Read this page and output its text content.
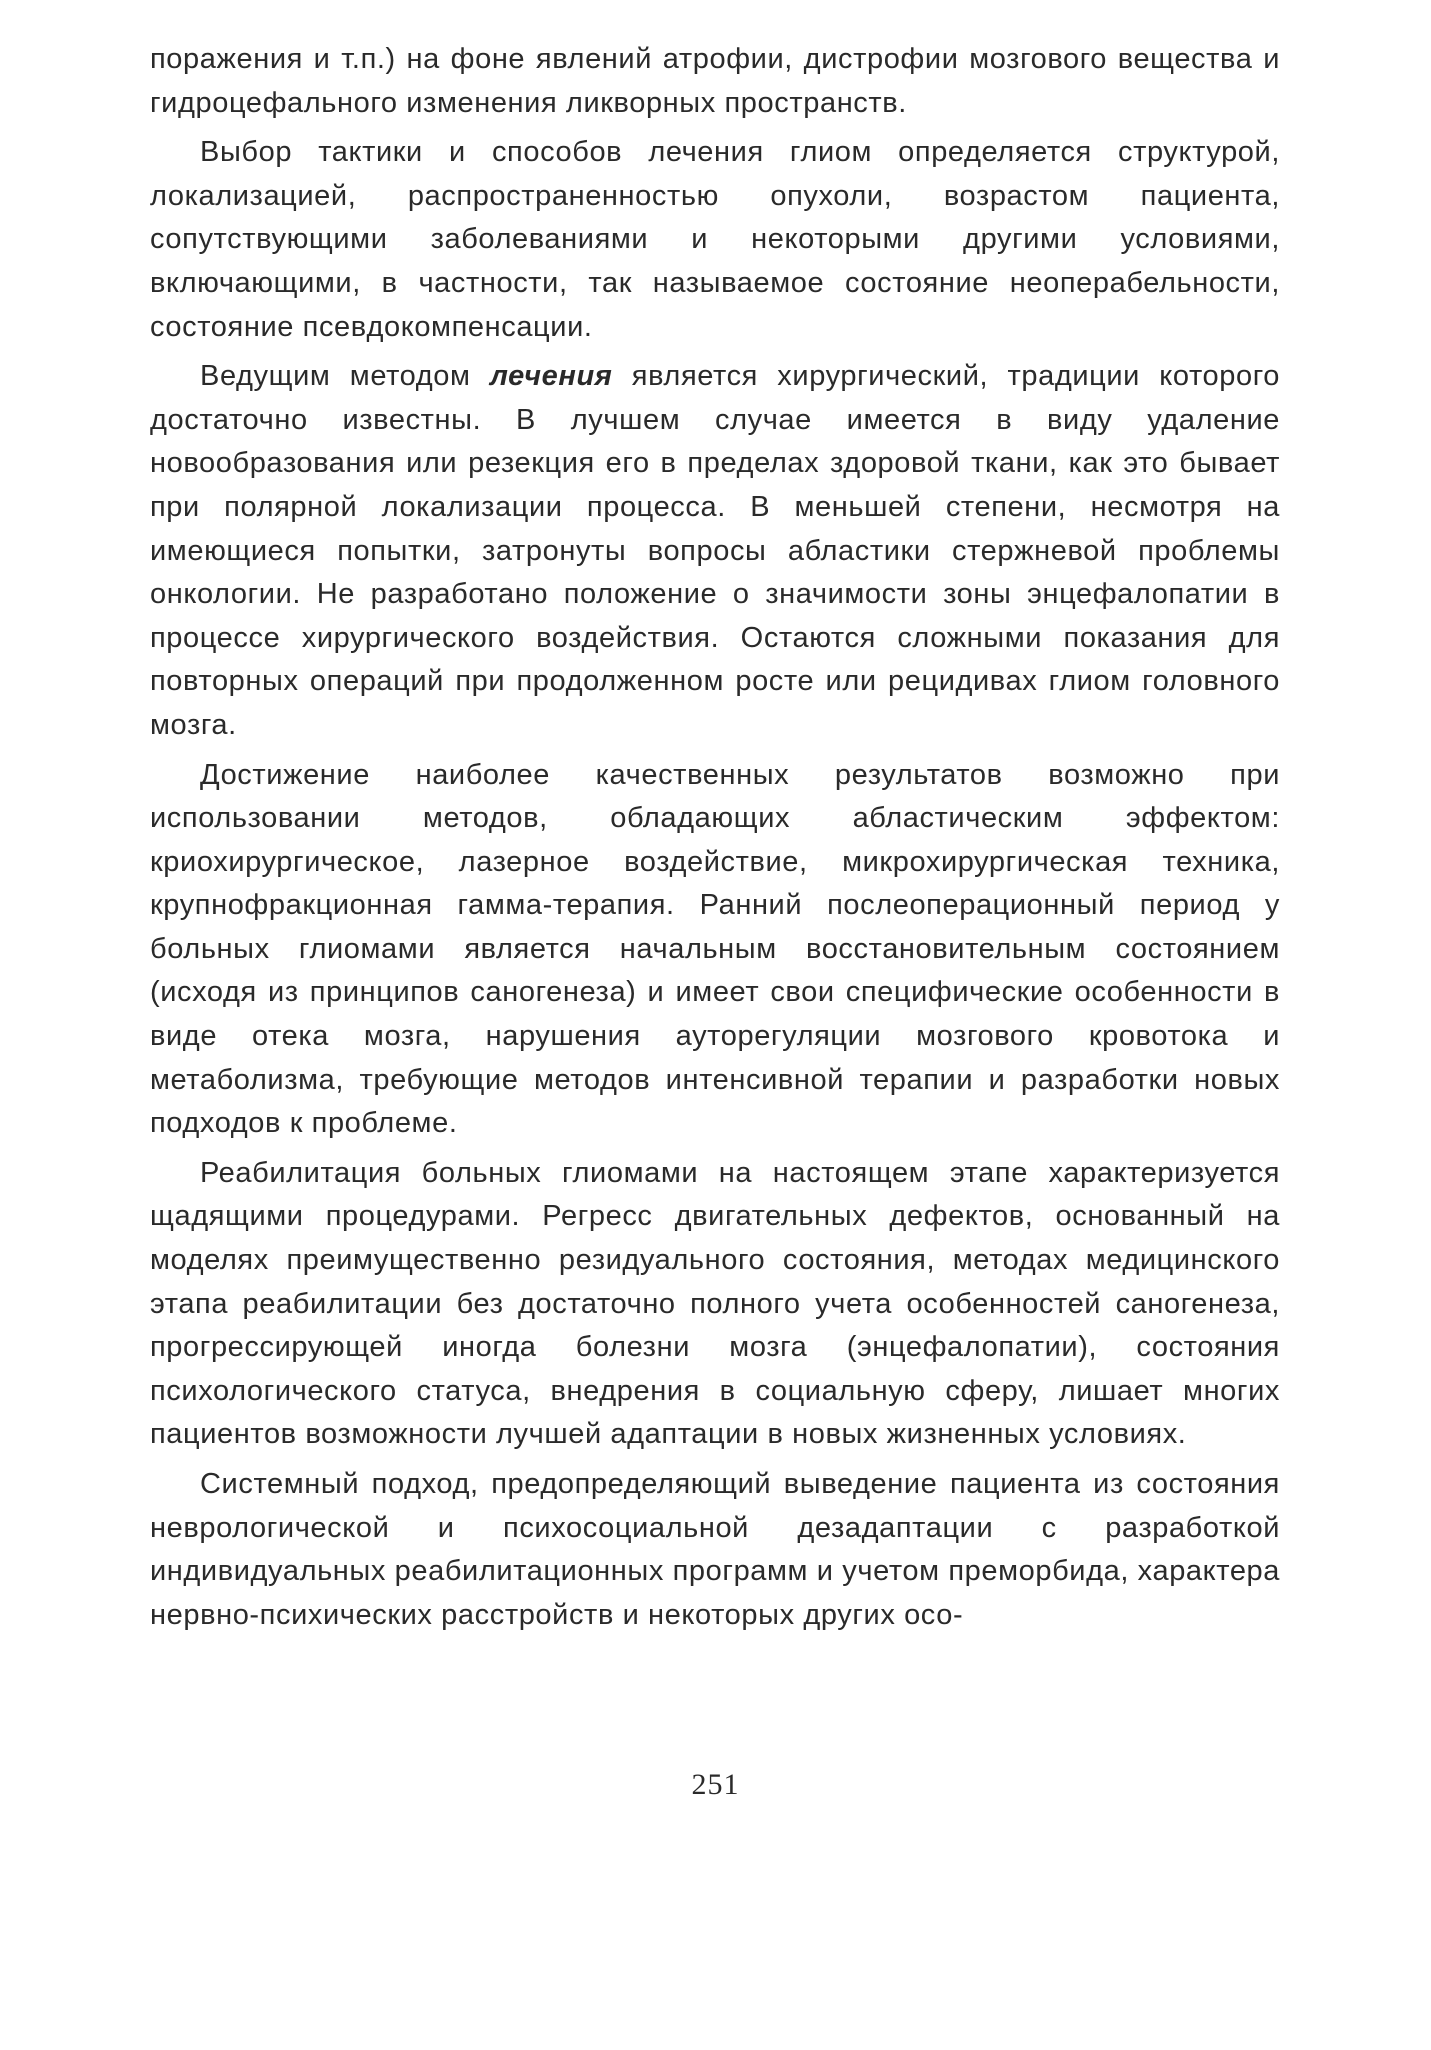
поражения и т.п.) на фоне явлений атрофии, дистрофии мозгового вещества и гидроцефального изменения ликворных пространств.

Выбор тактики и способов лечения глиом определяется структурой, локализацией, распространенностью опухоли, возрастом пациента, сопутствующими заболеваниями и некоторыми другими условиями, включающими, в частности, так называемое состояние неоперабельности, состояние псевдокомпенсации.

Ведущим методом лечения является хирургический, традиции которого достаточно известны. В лучшем случае имеется в виду удаление новообразования или резекция его в пределах здоровой ткани, как это бывает при полярной локализации процесса. В меньшей степени, несмотря на имеющиеся попытки, затронуты вопросы абластики стержневой проблемы онкологии. Не разработано положение о значимости зоны энцефалопатии в процессе хирургического воздействия. Остаются сложными показания для повторных операций при продолженном росте или рецидивах глиом головного мозга.

Достижение наиболее качественных результатов возможно при использовании методов, обладающих абластическим эффектом: криохирургическое, лазерное воздействие, микрохирургическая техника, крупнофракционная гамма-терапия. Ранний послеоперационный период у больных глиомами является начальным восстановительным состоянием (исходя из принципов саногенеза) и имеет свои специфические особенности в виде отека мозга, нарушения ауторегуляции мозгового кровотока и метаболизма, требующие методов интенсивной терапии и разработки новых подходов к проблеме.

Реабилитация больных глиомами на настоящем этапе характеризуется щадящими процедурами. Регресс двигательных дефектов, основанный на моделях преимущественно резидуального состояния, методах медицинского этапа реабилитации без достаточно полного учета особенностей саногенеза, прогрессирующей иногда болезни мозга (энцефалопатии), состояния психологического статуса, внедрения в социальную сферу, лишает многих пациентов возможности лучшей адаптации в новых жизненных условиях.

Системный подход, предопределяющий выведение пациента из состояния неврологической и психосоциальной дезадаптации с разработкой индивидуальных реабилитационных программ и учетом преморбида, характера нервно-психических расстройств и некоторых других осо-

251
